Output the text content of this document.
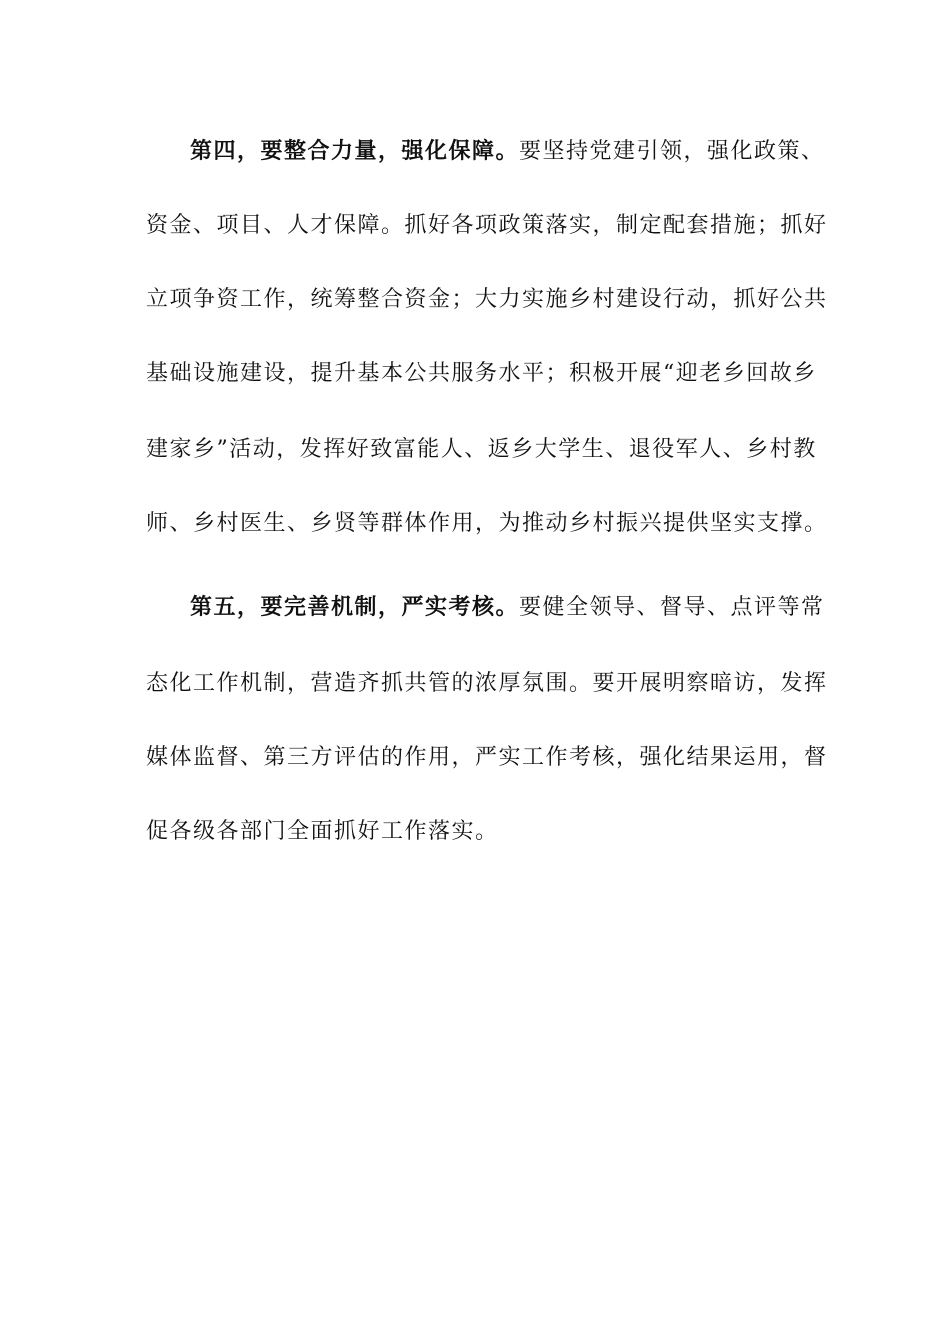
第四，要整合力量，强化保障。要坚持党建引领，强化政策、
资金、项目、人才保障。抓好各项政策落实，制定配套措施；抓好
立项争资工作，统筹整合资金；大力实施乡村建设行动，抓好公共
基础设施建设，提升基本公共服务水平；积极开展“迎老乡回故乡
建家乡”活动，发挥好致富能人、返乡大学生、退役军人、乡村教
师、乡村医生、乡贤等群体作用，为推动乡村振兴提供坚实支撑。
第五，要完善机制，严实考核。要健全领导、督导、点评等常
态化工作机制，营造齐抓共管的浓厚氛围。要开展明察暗访，发挥
媒体监督、第三方评估的作用，严实工作考核，强化结果运用，督
促各级各部门全面抓好工作落实。
